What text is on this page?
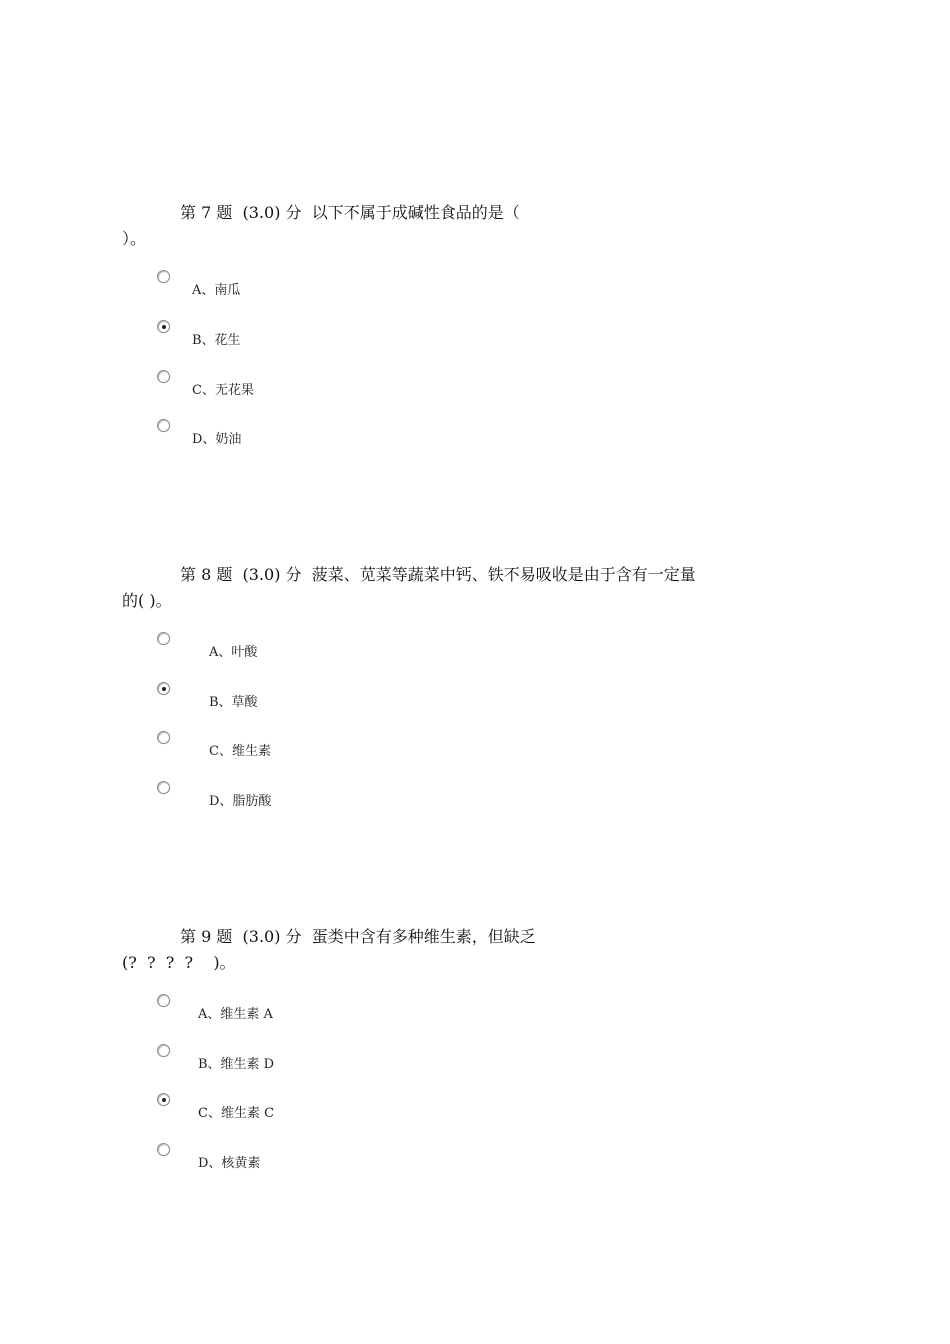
第 7 题  (3.0) 分  以下不属于成碱性食品的是（
）。

A、南瓜
B、花生
C、无花果
D、奶油

第 8 题  (3.0) 分  菠菜、苋菜等蔬菜中钙、铁不易吸收是由于含有一定量
的( )。

A、叶酸
B、草酸
C、维生素
D、脂肪酸

第 9 题  (3.0) 分  蛋类中含有多种维生素，但缺乏
(?  ?  ?  ?    )。

A、维生素 A
B、维生素 D
C、维生素 C
D、核黄素
